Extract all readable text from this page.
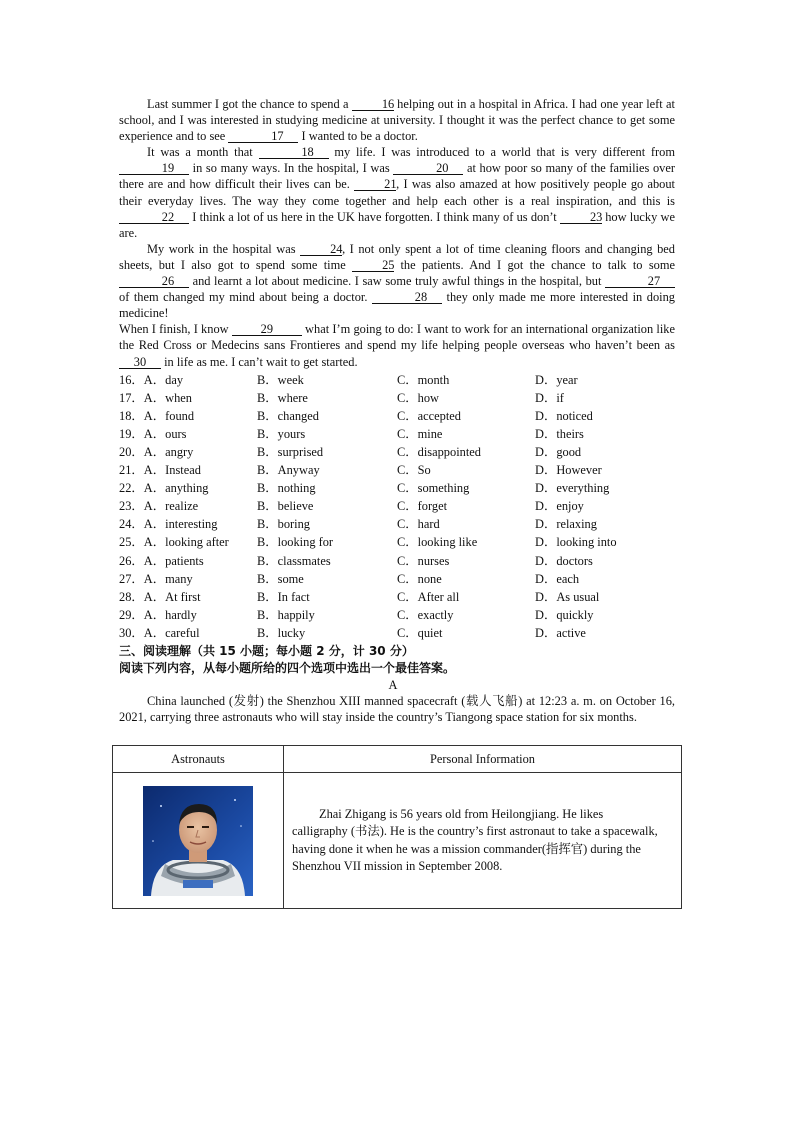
Last summer I got the chance to spend a 16 helping out in a hospital in Africa. I had one year left at school, and I was interested in studying medicine at university. I thought it was the perfect chance to get some experience and to see	17 I wanted to be a doctor.

It was a month that	18 my life. I was introduced to a world that is very different from 19 in so many ways. In the hospital, I was	20 at how poor so many of the families over there are and how difficult their lives can be. 21, I was also amazed at how positively people go about their everyday lives. The way they come together and help each other is a real inspiration, and this is 22 I think a lot of us here in the UK have forgotten. I think many of us don’t 23 how lucky we are.

My work in the hospital was 24, I not only spent a lot of time cleaning floors and changing bed sheets, but I also got to spend some time 25 the patients. And I got the chance to talk to some 26 and learnt a lot about medicine. I saw some truly awful things in the hospital, but	27 of them changed my mind about being a doctor.	28 they only made me more interested in doing medicine!

When I finish, I know 29 what I’m going to do: I want to work for an international organization like the Red Cross or Medecins sans Frontieres and spend my life helping people overseas who haven’t been as 30 in life as me. I can’t wait to get started.

16．A．day	B．week	C．month	D．year
17．A．when	B．where	C．how	D．if
18．A．found	B．changed	C．accepted	D．noticed
19．A．ours	B．yours	C．mine	D．theirs
20．A．angry	B．surprised	C．disappointed	D．good
21．A．Instead	B．Anyway	C．So	D．However
22．A．anything	B．nothing	C．something	D．everything
23．A．realize	B．believe	C．forget	D．enjoy
24．A．interesting	B．boring	C．hard	D．relaxing
25．A．looking after	B．looking for	C．looking like	D．looking into
26．A．patients	B．classmates	C．nurses	D．doctors
27．A．many	B．some	C．none	D．each
28．A．At first	B．In fact	C．After all	D．As usual
29．A．hardly	B．happily	C．exactly	D．quickly
30．A．careful	B．lucky	C．quiet	D．active
三、阅读理解（共 15 小题；每小题 2 分，计 30 分）
阅读下列内容，从每小题所给的四个选项中选出一个最佳答案。
A

China launched (发射) the Shenzhou XIII manned spacecraft (载人飞船) at 12:23 a. m. on October 16, 2021, carrying three astronauts who will stay inside the country’s Tiangong space station for six months.

Astronauts	Personal Information

Zhai Zhigang is 56 years old from Heilongjiang. He likes calligraphy (书法). He is the country’s first astronaut to take a spacewalk, having done it when he was a mission commander(指挥官) during the Shenzhou VII mission in September 2008.
